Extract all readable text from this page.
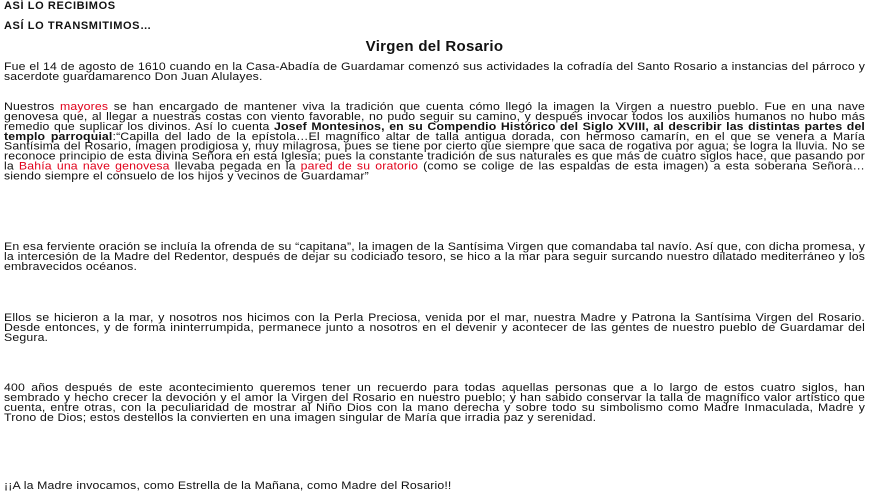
ASÍ LO RECIBIMOS
ASÍ LO TRANSMITIMOS…
Virgen del Rosario
Fue el 14 de agosto de 1610 cuando en la Casa-Abadía de Guardamar comenzó sus actividades la cofradía del Santo Rosario a instancias del párroco y sacerdote guardamarenco Don Juan Alulayes.
Nuestros mayores se han encargado de mantener viva la tradición que cuenta cómo llegó la imagen la Virgen a nuestro pueblo. Fue en una nave genovesa que, al llegar a nuestras costas con viento favorable, no pudo seguir su camino, y después invocar todos los auxilios humanos no hubo más remedio que suplicar los divinos. Así lo cuenta Josef Montesinos, en su Compendio Histórico del Siglo XVIII, al describir las distintas partes del templo parroquial:“Capilla del lado de la epístola…El magnífico altar de talla antigua dorada, con hermoso camarín, en el que se venera a María Santísima del Rosario, imagen prodigiosa y, muy milagrosa, pues se tiene por cierto que siempre que saca de rogativa por agua; se logra la lluvia. No se reconoce principio de esta divina Señora en esta Iglesia; pues la constante tradición de sus naturales es que más de cuatro siglos hace, que pasando por la Bahía una nave genovesa llevaba pegada en la pared de su oratorio (como se colige de las espaldas de esta imagen) a esta soberana Señora… siendo siempre el consuelo de los hijos y vecinos de Guardamar”
En esa ferviente oración se incluía la ofrenda de su “capitana”, la imagen de la Santísima Virgen que comandaba tal navío. Así que, con dicha promesa, y la intercesión de la Madre del Redentor, después de dejar su codiciado tesoro, se hico a la mar para seguir surcando nuestro dilatado mediterráneo y los embravecidos océanos.
Ellos se hicieron a la mar, y nosotros nos hicimos con la Perla Preciosa, venida por el mar, nuestra Madre y Patrona la Santísima Virgen del Rosario. Desde entonces, y de forma ininterrumpida, permanece junto a nosotros en el devenir y acontecer de las gentes de nuestro pueblo de Guardamar del Segura.
400 años después de este acontecimiento queremos tener un recuerdo para todas aquellas personas que a lo largo de estos cuatro siglos, han sembrado y hecho crecer la devoción y el amor la Virgen del Rosario en nuestro pueblo; y han sabido conservar la talla de magnífico valor artístico que cuenta, entre otras, con la peculiaridad de mostrar al Niño Dios con la mano derecha y sobre todo su simbolismo como Madre Inmaculada, Madre y Trono de Dios; estos destellos la convierten en una imagen singular de María que irradia paz y serenidad.
¡¡A la Madre invocamos, como Estrella de la Mañana, como Madre del Rosario!!
